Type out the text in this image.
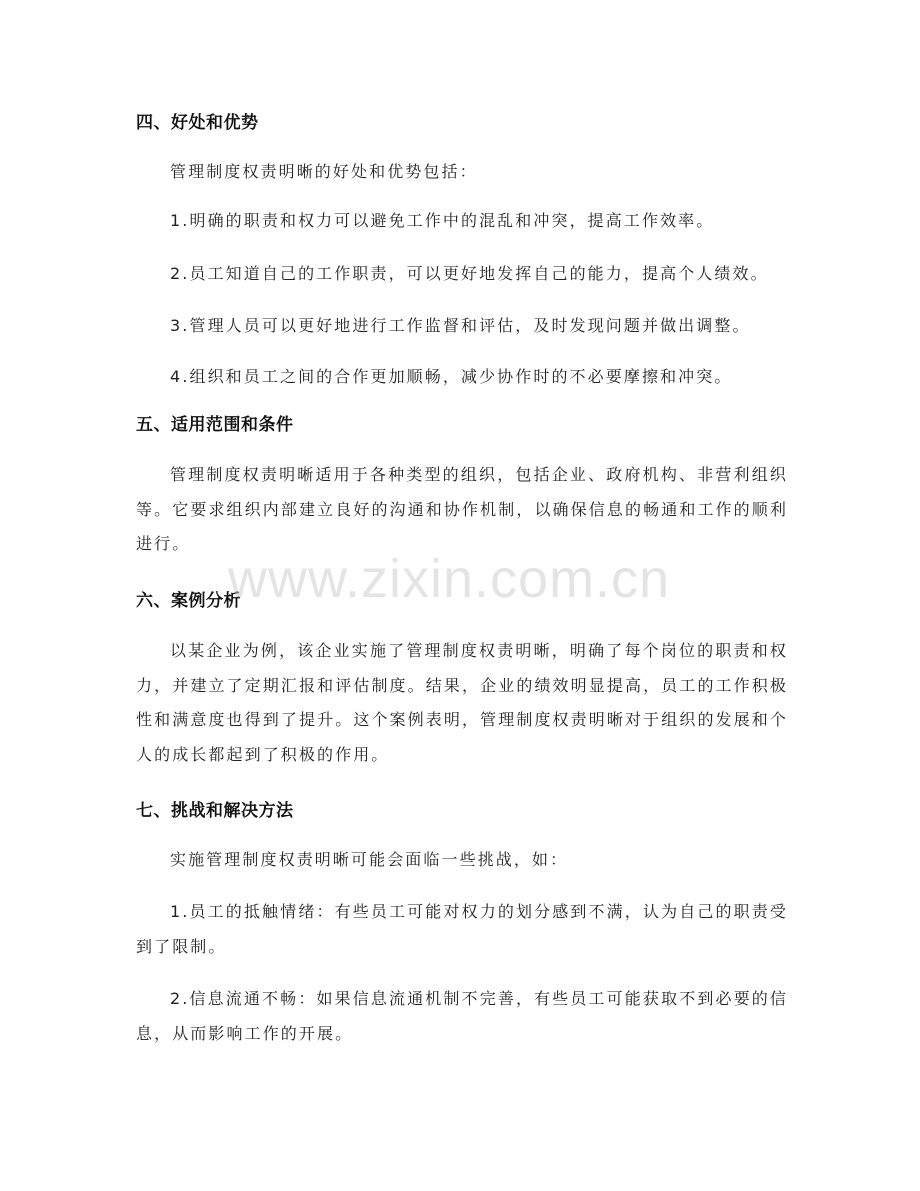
四、好处和优势
管理制度权责明晰的好处和优势包括：
1.明确的职责和权力可以避免工作中的混乱和冲突，提高工作效率。
2.员工知道自己的工作职责，可以更好地发挥自己的能力，提高个人绩效。
3.管理人员可以更好地进行工作监督和评估，及时发现问题并做出调整。
4.组织和员工之间的合作更加顺畅，减少协作时的不必要摩擦和冲突。
五、适用范围和条件
管理制度权责明晰适用于各种类型的组织，包括企业、政府机构、非营利组织等。它要求组织内部建立良好的沟通和协作机制，以确保信息的畅通和工作的顺利进行。
六、案例分析
以某企业为例，该企业实施了管理制度权责明晰，明确了每个岗位的职责和权力，并建立了定期汇报和评估制度。结果，企业的绩效明显提高，员工的工作积极性和满意度也得到了提升。这个案例表明，管理制度权责明晰对于组织的发展和个人的成长都起到了积极的作用。
七、挑战和解决方法
实施管理制度权责明晰可能会面临一些挑战，如：
1.员工的抵触情绪：有些员工可能对权力的划分感到不满，认为自己的职责受到了限制。
2.信息流通不畅：如果信息流通机制不完善，有些员工可能获取不到必要的信息，从而影响工作的开展。
www.zixin.com.cn
